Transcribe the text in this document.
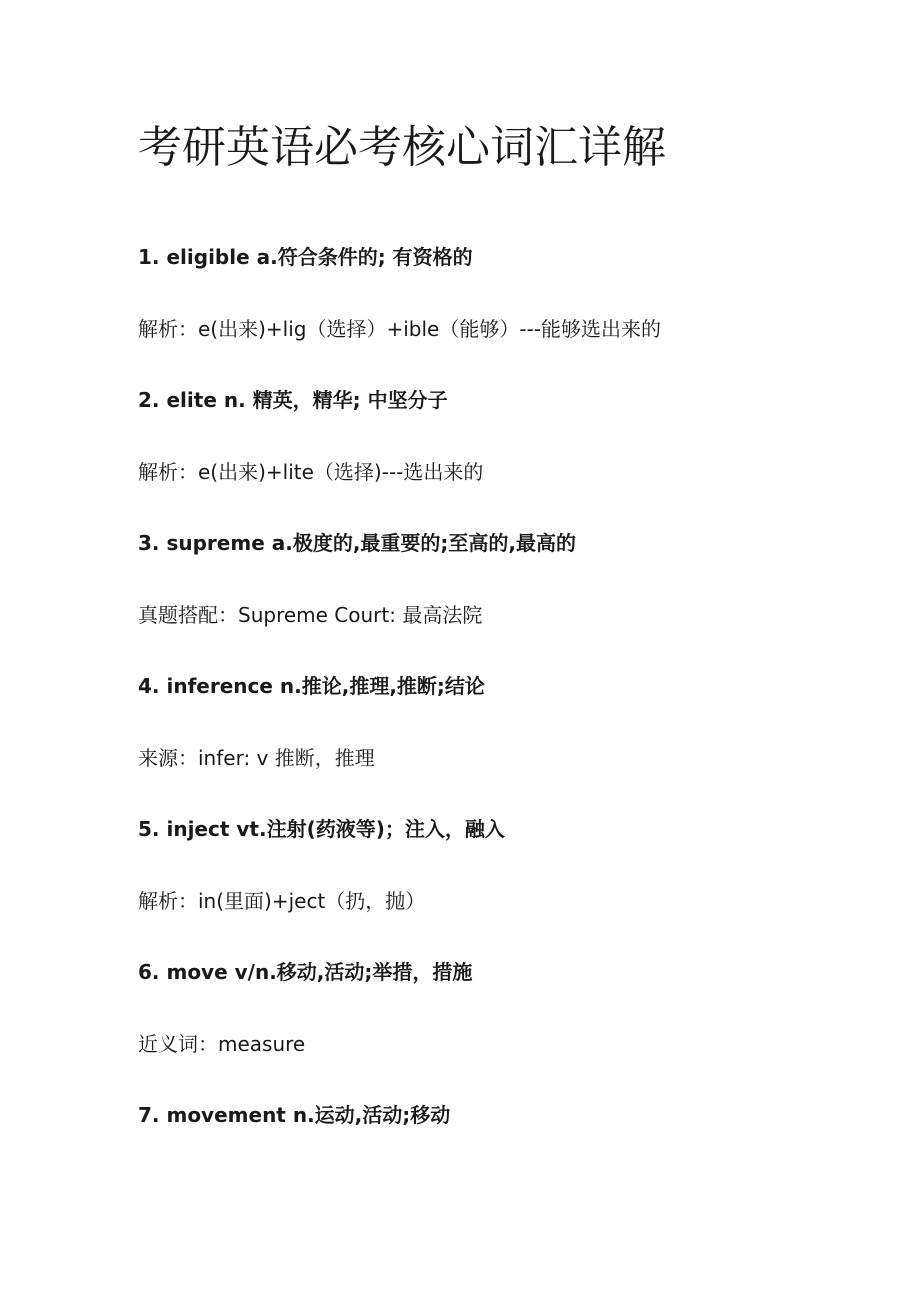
考研英语必考核心词汇详解
1. eligible a.符合条件的; 有资格的
解析：e(出来)+lig（选择）+ible（能够）---能够选出来的
2. elite n. 精英，精华; 中坚分子
解析：e(出来)+lite（选择)---选出来的
3. supreme a.极度的,最重要的;至高的,最高的
真题搭配：Supreme Court: 最高法院
4. inference n.推论,推理,推断;结论
来源：infer: v 推断，推理
5. inject vt.注射(药液等)；注入，融入
解析：in(里面)+ject（扔，抛）
6. move v/n.移动,活动;举措，措施
近义词：measure
7. movement n.运动,活动;移动
